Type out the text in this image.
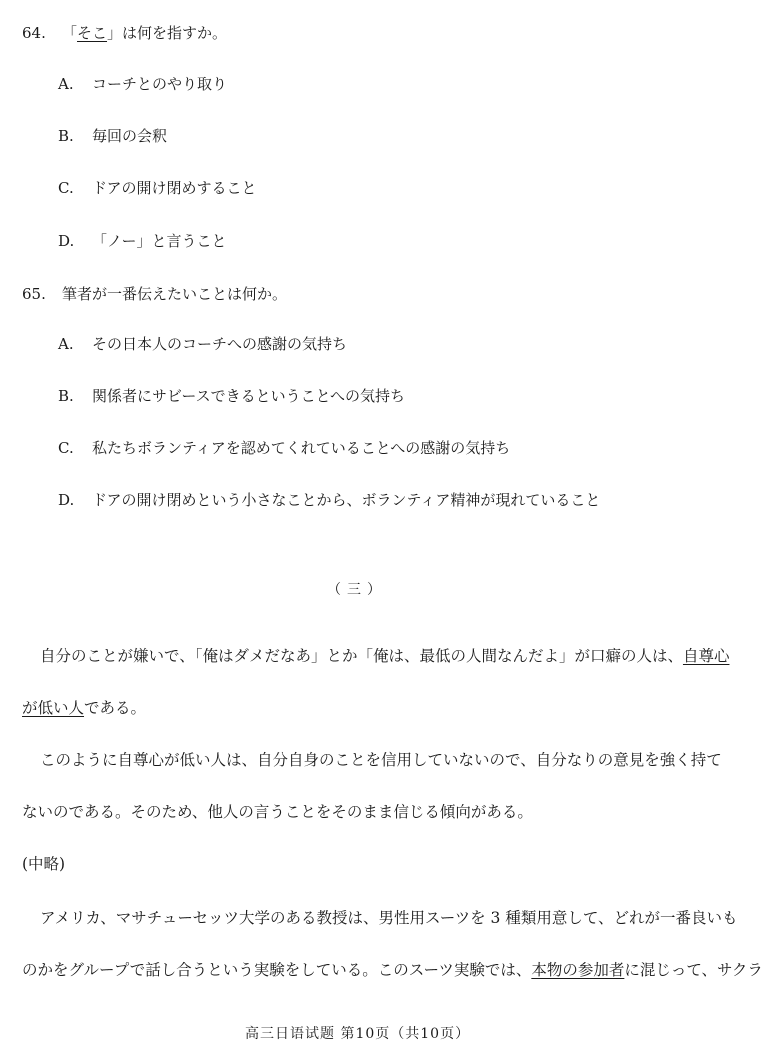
64. 「そこ」は何を指すか。
A. コーチとのやり取り
B. 毎回の会釈
C. ドアの開け閉めすること
D. 「ノー」と言うこと
65. 筆者が一番伝えたいことは何か。
A. その日本人のコーチへの感謝の気持ち
B. 関係者にサビースできるということへの気持ち
C. 私たちボランティアを認めてくれていることへの感謝の気持ち
D. ドアの開け閉めという小さなことから、ボランティア精神が現れていること
（三）
自分のことが嫌いで、「俺はダメだなあ」とか「俺は、最低の人間なんだよ」が口癖の人は、自尊心
が低い人である。
このように自尊心が低い人は、自分自身のことを信用していないので、自分なりの意見を強く持て
ないのである。そのため、他人の言うことをそのまま信じる傾向がある。
(中略)
アメリカ、マサチューセッツ大学のある教授は、男性用スーツを 3 種類用意して、どれが一番良いも
のかをグループで話し合うという実験をしている。このスーツ実験では、本物の参加者に混じって、サクラ
高三日语试题 第10页（共10页）
